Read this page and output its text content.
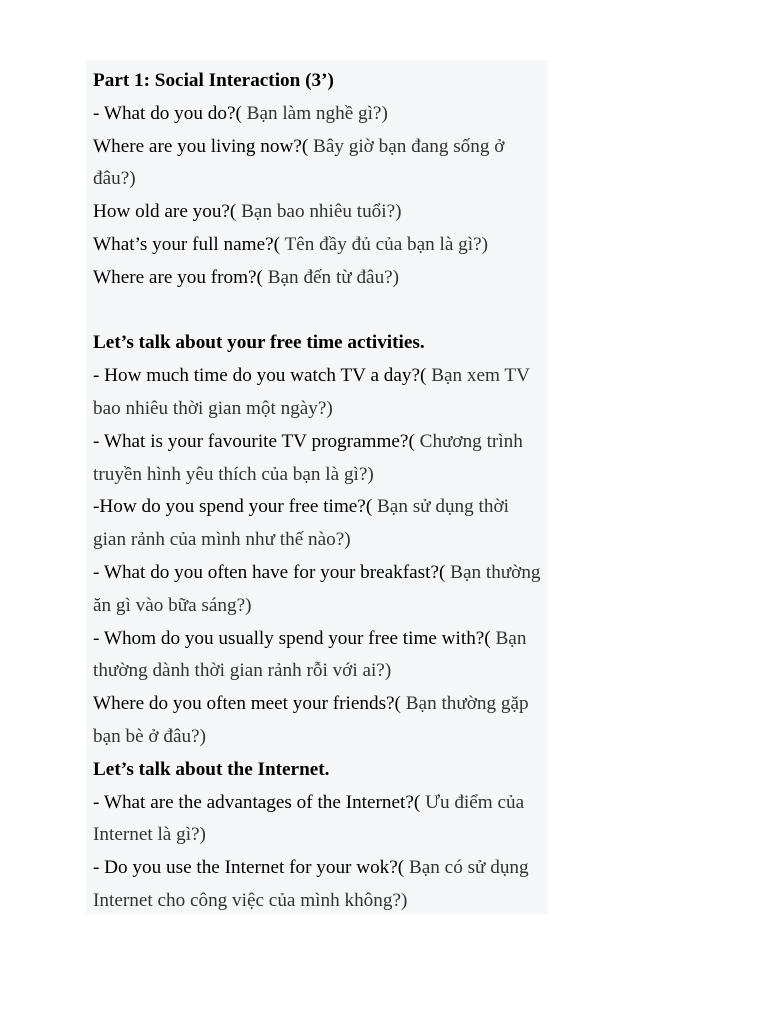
Part 1: Social Interaction (3’)

- What do you do?( Bạn làm nghề gì?)

Where are you living now?( Bây giờ bạn đang sống ở đâu?)

How old are you?( Bạn bao nhiêu tuổi?)

What’s your full name?( Tên đầy đủ của bạn là gì?)

Where are you from?( Bạn đến từ đâu?)

Let’s talk about your free time activities.

- How much time do you watch TV a day?( Bạn xem TV bao nhiêu thời gian một ngày?)

- What is your favourite TV programme?( Chương trình truyền hình yêu thích của bạn là gì?)

-How do you spend your free time?( Bạn sử dụng thời gian rảnh của mình như thế nào?)

- What do you often have for your breakfast?( Bạn thường ăn gì vào bữa sáng?)

- Whom do you usually spend your free time with?( Bạn thường dành thời gian rảnh rỗi với ai?)

Where do you often meet your friends?( Bạn thường gặp bạn bè ở đâu?)

Let’s talk about the Internet.

- What are the advantages of the Internet?( Ưu điểm của Internet là gì?)

- Do you use the Internet for your wok?( Bạn có sử dụng Internet cho công việc của mình không?)
